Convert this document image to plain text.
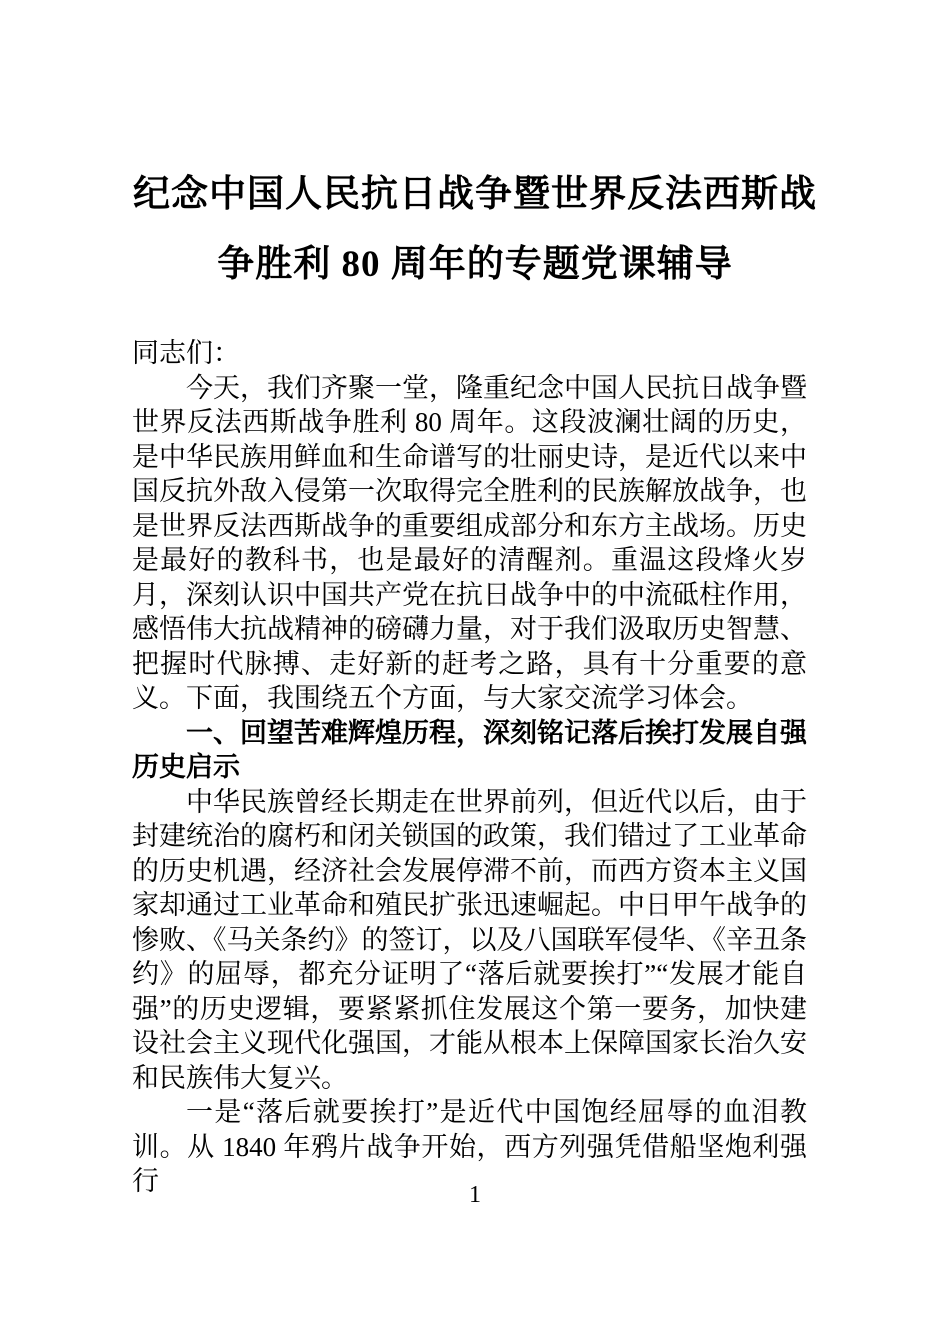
纪念中国人民抗日战争暨世界反法西斯战
争胜利 80 周年的专题党课辅导

同志们：

今天，我们齐聚一堂，隆重纪念中国人民抗日战争暨世界反法西斯战争胜利 80 周年。这段波澜壮阔的历史，是中华民族用鲜血和生命谱写的壮丽史诗，是近代以来中国反抗外敌入侵第一次取得完全胜利的民族解放战争，也是世界反法西斯战争的重要组成部分和东方主战场。历史是最好的教科书，也是最好的清醒剂。重温这段烽火岁月，深刻认识中国共产党在抗日战争中的中流砥柱作用，感悟伟大抗战精神的磅礴力量，对于我们汲取历史智慧、把握时代脉搏、走好新的赶考之路，具有十分重要的意义。下面，我围绕五个方面，与大家交流学习体会。

一、回望苦难辉煌历程，深刻铭记落后挨打发展自强历史启示

中华民族曾经长期走在世界前列，但近代以后，由于封建统治的腐朽和闭关锁国的政策，我们错过了工业革命的历史机遇，经济社会发展停滞不前，而西方资本主义国家却通过工业革命和殖民扩张迅速崛起。中日甲午战争的惨败、《马关条约》的签订，以及八国联军侵华、《辛丑条约》的屈辱，都充分证明了“落后就要挨打”“发展才能自强”的历史逻辑，要紧紧抓住发展这个第一要务，加快建设社会主义现代化强国，才能从根本上保障国家长治久安和民族伟大复兴。

一是“落后就要挨打”是近代中国饱经屈辱的血泪教训。从 1840 年鸦片战争开始，西方列强凭借船坚炮利强行	1
